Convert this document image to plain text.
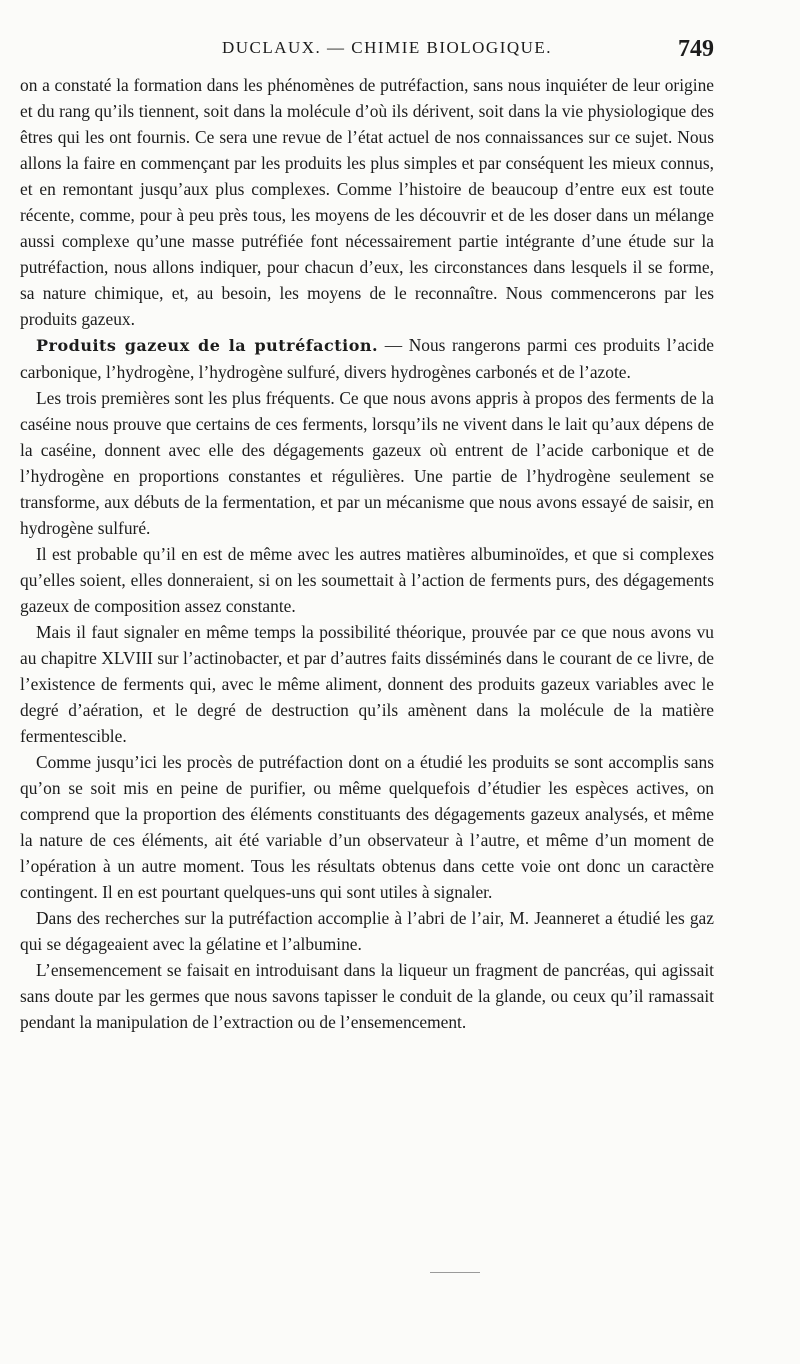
DUCLAUX. — CHIMIE BIOLOGIQUE.	749

on a constaté la formation dans les phénomènes de putréfaction, sans nous inquiéter de leur origine et du rang qu’ils tiennent, soit dans la molécule d’où ils dérivent, soit dans la vie physiologique des êtres qui les ont fournis. Ce sera une revue de l’état actuel de nos connaissances sur ce sujet. Nous allons la faire en commençant par les produits les plus simples et par conséquent les mieux connus, et en remontant jusqu’aux plus complexes. Comme l’histoire de beaucoup d’entre eux est toute récente, comme, pour à peu près tous, les moyens de les découvrir et de les doser dans un mélange aussi complexe qu’une masse putréfiée font nécessairement partie intégrante d’une étude sur la putréfaction, nous allons indiquer, pour chacun d’eux, les circonstances dans lesquels il se forme, sa nature chimique, et, au besoin, les moyens de le reconnaître. Nous commencerons par les produits gazeux.

Produits gazeux de la putréfaction. — Nous rangerons parmi ces produits l’acide carbonique, l’hydrogène, l’hydrogène sulfuré, divers hydrogènes carbonés et de l’azote.

Les trois premières sont les plus fréquents. Ce que nous avons appris à propos des ferments de la caséine nous prouve que certains de ces ferments, lorsqu’ils ne vivent dans le lait qu’aux dépens de la caséine, donnent avec elle des dégagements gazeux où entrent de l’acide carbonique et de l’hydrogène en proportions constantes et régulières. Une partie de l’hydrogène seulement se transforme, aux débuts de la fermentation, et par un mécanisme que nous avons essayé de saisir, en hydrogène sulfuré.

Il est probable qu’il en est de même avec les autres matières albuminoïdes, et que si complexes qu’elles soient, elles donneraient, si on les soumettait à l’action de ferments purs, des dégagements gazeux de composition assez constante.

Mais il faut signaler en même temps la possibilité théorique, prouvée par ce que nous avons vu au chapitre XLVIII sur l’actinobacter, et par d’autres faits disséminés dans le courant de ce livre, de l’existence de ferments qui, avec le même aliment, donnent des produits gazeux variables avec le degré d’aération, et le degré de destruction qu’ils amènent dans la molécule de la matière fermentescible.

Comme jusqu’ici les procès de putréfaction dont on a étudié les produits se sont accomplis sans qu’on se soit mis en peine de purifier, ou même quelquefois d’étudier les espèces actives, on comprend que la proportion des éléments constituants des dégagements gazeux analysés, et même la nature de ces éléments, ait été variable d’un observateur à l’autre, et même d’un moment de l’opération à un autre moment. Tous les résultats obtenus dans cette voie ont donc un caractère contingent. Il en est pourtant quelques-uns qui sont utiles à signaler.

Dans des recherches sur la putréfaction accomplie à l’abri de l’air, M. Jeanneret a étudié les gaz qui se dégageaient avec la gélatine et l’albumine.

L’ensemencement se faisait en introduisant dans la liqueur un fragment de pancréas, qui agissait sans doute par les germes que nous savons tapisser le conduit de la glande, ou ceux qu’il ramassait pendant la manipulation de l’extraction ou de l’ensemencement.
